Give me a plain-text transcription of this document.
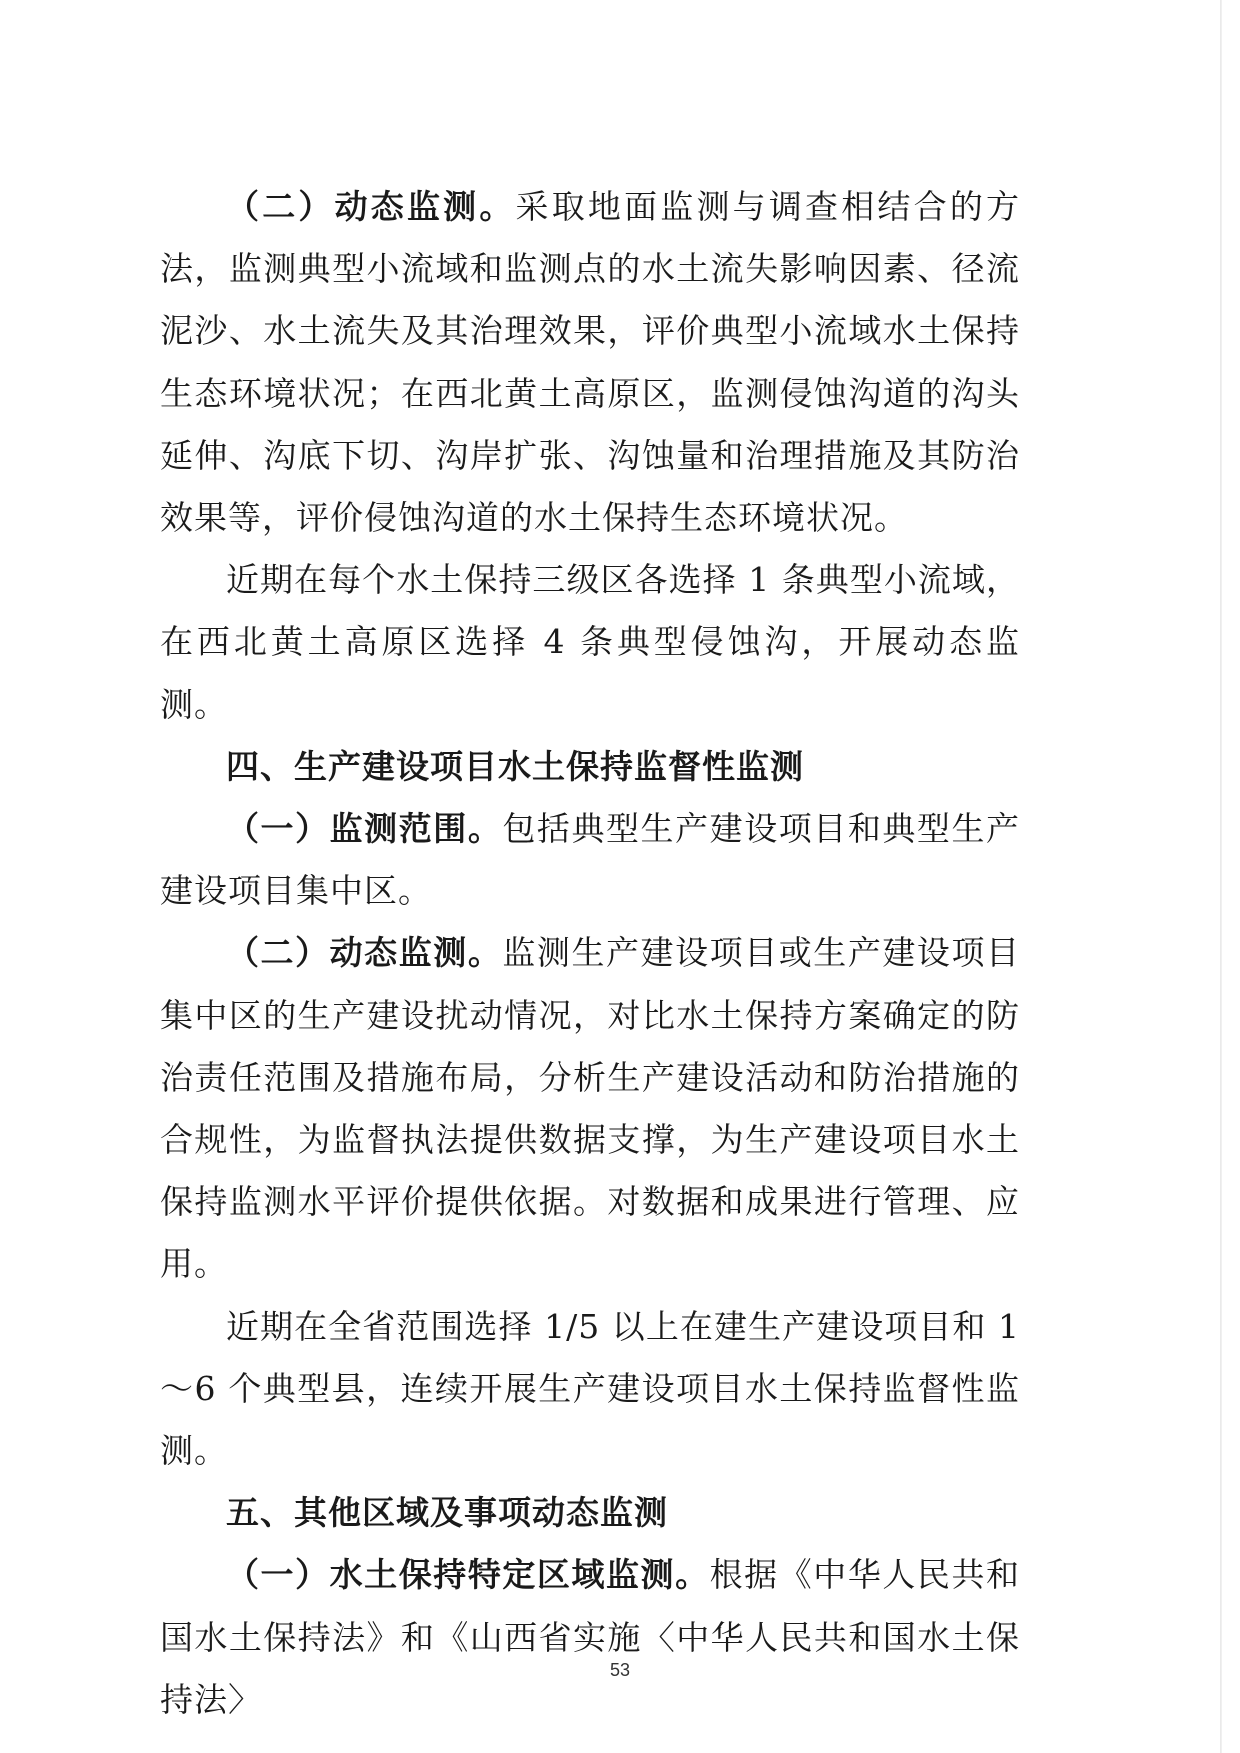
（二）动态监测。采取地面监测与调查相结合的方法，监测典型小流域和监测点的水土流失影响因素、径流泥沙、水土流失及其治理效果，评价典型小流域水土保持生态环境状况；在西北黄土高原区，监测侵蚀沟道的沟头延伸、沟底下切、沟岸扩张、沟蚀量和治理措施及其防治效果等，评价侵蚀沟道的水土保持生态环境状况。

近期在每个水土保持三级区各选择 1 条典型小流域，在西北黄土高原区选择 4 条典型侵蚀沟，开展动态监测。

四、生产建设项目水土保持监督性监测

（一）监测范围。包括典型生产建设项目和典型生产建设项目集中区。

（二）动态监测。监测生产建设项目或生产建设项目集中区的生产建设扰动情况，对比水土保持方案确定的防治责任范围及措施布局，分析生产建设活动和防治措施的合规性，为监督执法提供数据支撑，为生产建设项目水土保持监测水平评价提供依据。对数据和成果进行管理、应用。

近期在全省范围选择 1/5 以上在建生产建设项目和 1～6 个典型县，连续开展生产建设项目水土保持监督性监测。

五、其他区域及事项动态监测

（一）水土保持特定区域监测。根据《中华人民共和国水土保持法》和《山西省实施〈中华人民共和国水土保持法〉

53
